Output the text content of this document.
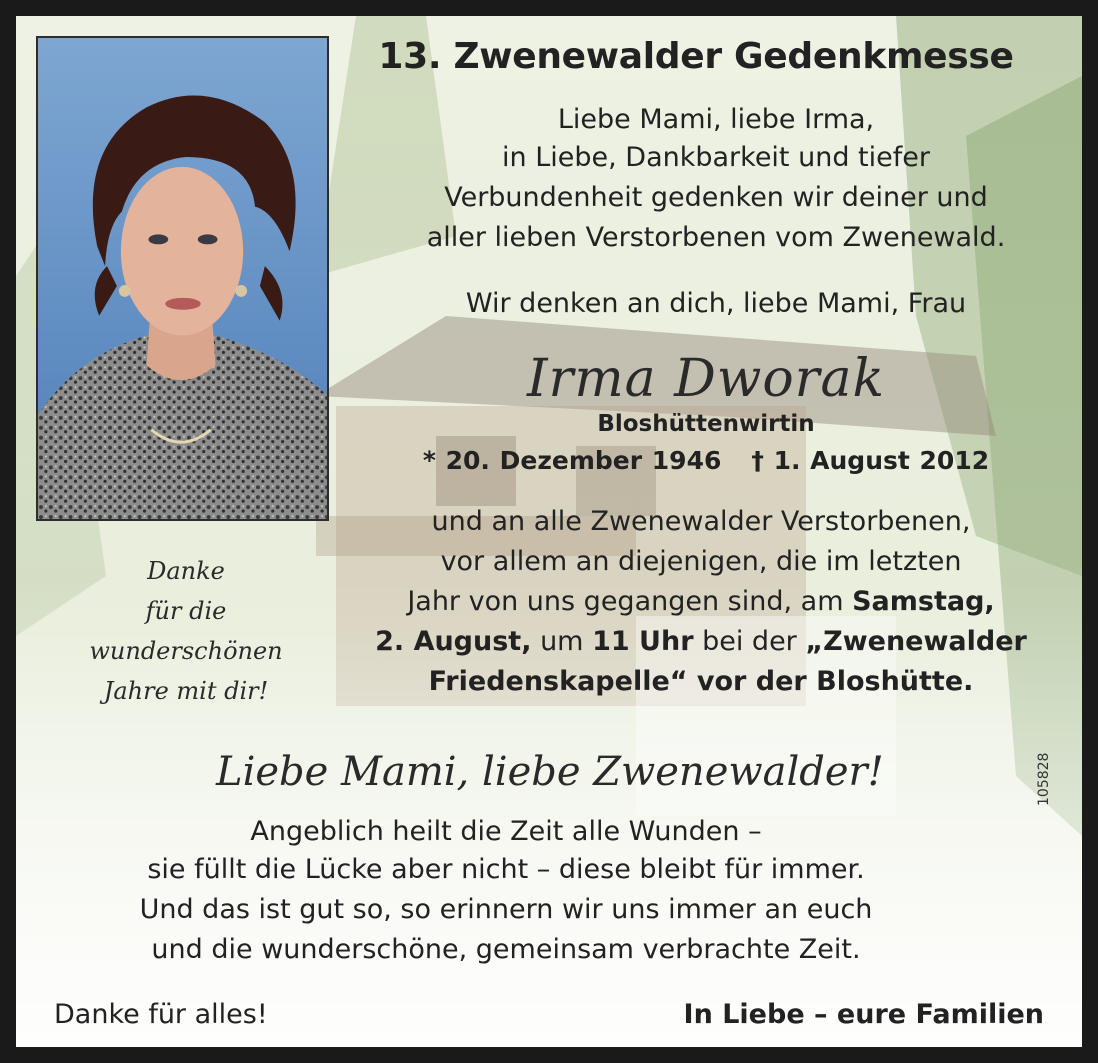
13. Zwenewalder Gedenkmesse
Liebe Mami, liebe Irma,
in Liebe, Dankbarkeit und tiefer
Verbundenheit gedenken wir deiner und
aller lieben Verstorbenen vom Zwenewald.
Wir denken an dich, liebe Mami, Frau
Irma Dworak
Bloshüttenwirtin
* 20. Dezember 1946 † 1. August 2012
und an alle Zwenewalder Verstorbenen,
vor allem an diejenigen, die im letzten
Jahr von uns gegangen sind, am Samstag,
2. August, um 11 Uhr bei der „Zwenewalder
Friedenskapelle“ vor der Bloshütte.
Danke
für die
wunderschönen
Jahre mit dir!
Liebe Mami, liebe Zwenewalder!
Angeblich heilt die Zeit alle Wunden –
sie füllt die Lücke aber nicht – diese bleibt für immer.
Und das ist gut so, so erinnern wir uns immer an euch
und die wunderschöne, gemeinsam verbrachte Zeit.
Danke für alles!	In Liebe – eure Familien
105828
